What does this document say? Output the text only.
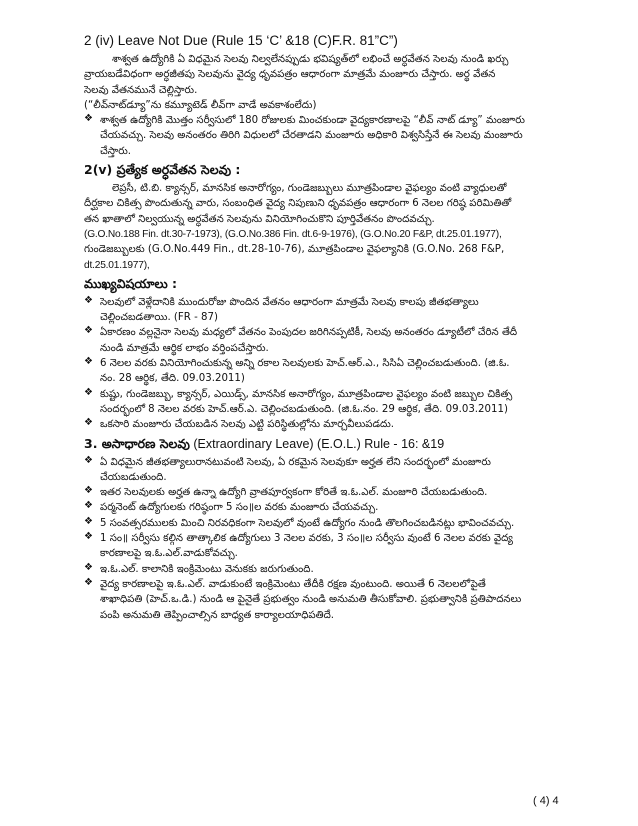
2 (iv) Leave Not Due (Rule 15 ‘C’ &18 (C)F.R. 81”C”)
శాశ్వత ఉద్యోగికి ఏ విధమైన సెలవు నిల్వలేనప్పుడు భవిష్యత్‌లో లభించే అర్ధవేతన సెలవు నుండి ఖర్చు
వ్రాయబడేవిధంగా అర్ధజీతపు సెలవును వైద్య ధృవపత్రం ఆధారంగా మాత్రమే మంజూరు చేస్తారు. అర్థ వేతన
సెలవు వేతనమునే చెల్లిస్తారు.
(“లీవ్‌నాట్‌డ్యూ”ను కమ్యూటెడ్ లీవ్‌గా వాడే అవకాశంలేదు)
❖ శాశ్వత ఉద్యోగికి మొత్తం సర్వీసులో 180 రోజులకు మించకుండా వైద్యకారణాలపై “లీవ్ నాట్ డ్యూ” మంజూరు
చేయవచ్చు. సెలవు అనంతరం తిరిగి విధులలో చేరతాడని మంజూరు అధికారి విశ్వసిస్తేనే ఈ సెలవు మంజూరు
చేస్తారు.
2(v) ప్రత్యేక అర్ధవేతన సెలవు :
లెప్రసీ, టి.బి. క్యాన్సర్, మానసిక అనారోగ్యం, గుండెజబ్బులు మూత్రపిండాల వైఫల్యం వంటి వ్యాధులతో
దీర్ఘకాల చికిత్స పొందుతున్న వారు, సంబంధిత వైద్య నిపుణుని ధృవపత్రం ఆధారంగా 6 నెలల గరిష్ఠ పరిమితితో
తన ఖాతాలో నిల్వయున్న అర్ధవేతన సెలవును వినియోగించుకొని పూర్తివేతనం పొందవచ్చు.
(G.O.No.188 Fin. dt.30-7-1973), (G.O.No.386 Fin. dt.6-9-1976), (G.O.No.20 F&P, dt.25.01.1977),
గుండెజబ్బులకు (G.O.No.449 Fin., dt.28-10-76), మూత్రపిండాల వైఫల్యానికి (G.O.No. 268 F&P,
dt.25.01.1977),
ముఖ్యవిషయాలు :
❖ సెలవులో వెళ్లేదానికి ముందురోజు పొందిన వేతనం ఆధారంగా మాత్రమే సెలవు కాలపు జీతభత్యాలు
చెల్లించబడతాయి. (FR - 87)
❖ ఏకారణం వల్లనైనా సెలవు మధ్యలో వేతనం పెంపుదల జరిగినప్పటికీ, సెలవు అనంతరం డ్యూటీలో చేరిన తేదీ
నుండి మాత్రమే ఆర్థిక లాభం వర్తింపచేస్తారు.
❖ 6 నెలల వరకు వినియోగించుకున్న అన్ని రకాల సెలవులకు హెచ్.ఆర్.ఎ., సిసిఏ చెల్లించబడుతుంది. (జి.ఓ.
నం. 28 ఆర్థిక, తేది. 09.03.2011)
❖ కుష్టు, గుండెజబ్బు, క్యాన్సర్, ఎయిడ్స్, మానసిక అనారోగ్యం, మూత్రపిండాల వైఫల్యం వంటి జబ్బుల చికిత్స
సందర్భంలో 8 నెలల వరకు హెచ్.ఆర్.ఎ. చెల్లించబడుతుంది. (జి.ఓ.నం. 29 ఆర్థిక, తేది. 09.03.2011)
❖ ఒకసారి మంజూరు చేయబడిన సెలవు ఎట్టి పరిస్థితుల్లోను మార్చవీలుపడదు.
3. అసాధారణ సెలవు (Extraordinary Leave) (E.O.L.) Rule - 16: &19
❖ ఏ విధమైన జీతభత్యాలురానటువంటి సెలవు, ఏ రకమైన సెలవుకూ అర్హత లేని సందర్భంలో మంజూరు
చేయబడుతుంది.
❖ ఇతర సెలవులకు అర్హత ఉన్నా ఉద్యోగి వ్రాతపూర్వకంగా కోరితే ఇ.ఓ.ఎల్. మంజూరి చేయబడుతుంది.
❖ పర్మనెంట్ ఉద్యోగులకు గరిష్ఠంగా 5 సం॥ల వరకు మంజూరు చేయవచ్చు.
❖ 5 సంవత్సరములకు మించి నిరవధికంగా సెలవులో వుంటే ఉద్యోగం నుండి తొలగించబడినట్లు భావించవచ్చు.
❖ 1 సం॥ సర్వీసు కల్గిన తాత్కాలిక ఉద్యోగులు 3 నెలల వరకు, 3 సం॥ల సర్వీసు వుంటే 6 నెలల వరకు వైద్య
కారణాలపై ఇ.ఓ.ఎల్.వాడుకోవచ్చు.
❖ ఇ.ఓ.ఎల్. కాలానికి ఇంక్రిమెంటు వెనుకకు జరుగుతుంది.
❖ వైద్య కారణాలపై ఇ.ఓ.ఎల్. వాడుకుంటే ఇంక్రిమెంటు తేదీకి రక్షణ వుంటుంది. అయితే 6 నెలలలోపైతే
శాఖాధిపతి (హెచ్.ఒ.డి.) నుండి ఆ పైనైతే ప్రభుత్వం నుండి అనుమతి తీసుకోవాలి. ప్రభుత్వానికి ప్రతిపాదనలు
పంపి అనుమతి తెప్పించాల్సిన బాధ్యత కార్యాలయాధిపతిదే.
( 4) 4
